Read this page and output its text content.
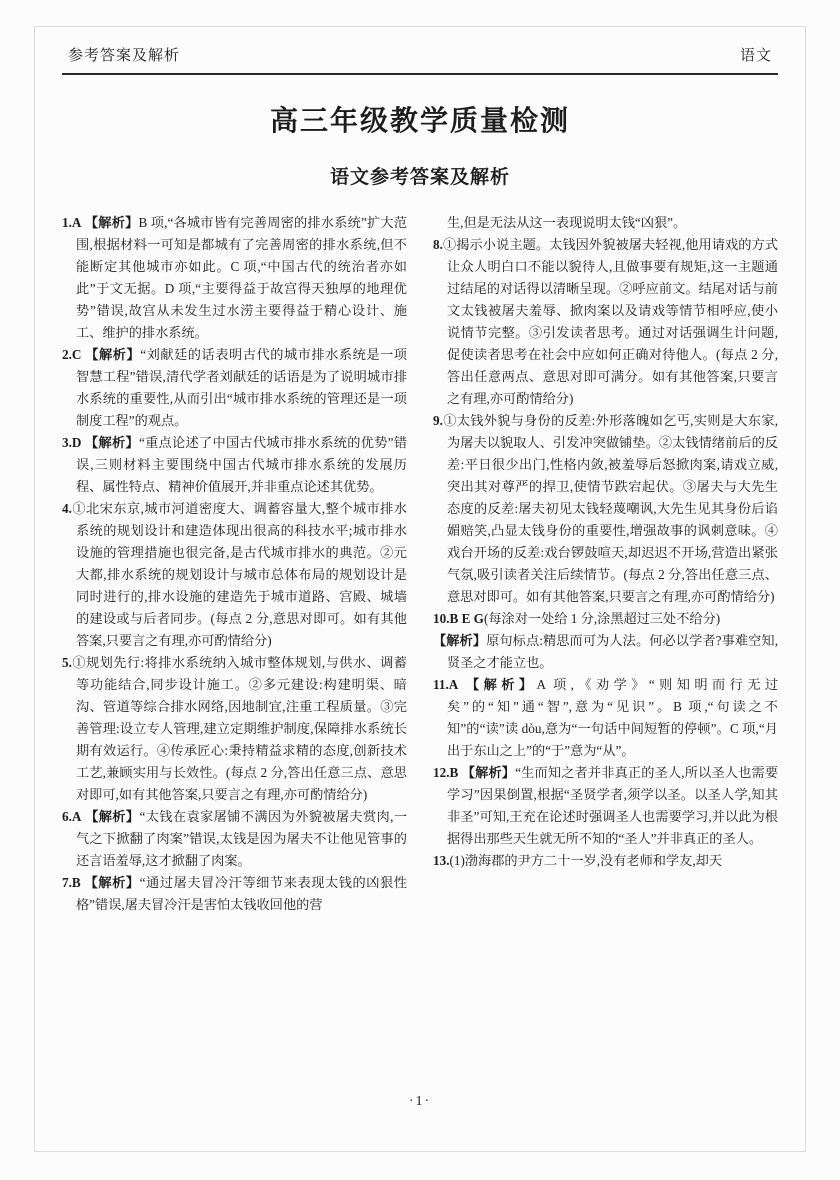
参考答案及解析	语文
高三年级教学质量检测
语文参考答案及解析

1.A 【解析】B 项,“各城市皆有完善周密的排水系统”扩大范围,根据材料一可知是都城有了完善周密的排水系统,但不能断定其他城市亦如此。C 项,“中国古代的统治者亦如此”于文无据。D 项,“主要得益于故宫得天独厚的地理优势”错误,故宫从未发生过水涝主要得益于精心设计、施工、维护的排水系统。

2.C 【解析】“刘献廷的话表明古代的城市排水系统是一项智慧工程”错误,清代学者刘献廷的话语是为了说明城市排水系统的重要性,从而引出“城市排水系统的管理还是一项制度工程”的观点。

3.D 【解析】“重点论述了中国古代城市排水系统的优势”错误,三则材料主要围绕中国古代城市排水系统的发展历程、属性特点、精神价值展开,并非重点论述其优势。

4.①北宋东京,城市河道密度大、调蓄容量大,整个城市排水系统的规划设计和建造体现出很高的科技水平;城市排水设施的管理措施也很完备,是古代城市排水的典范。②元大都,排水系统的规划设计与城市总体布局的规划设计是同时进行的,排水设施的建造先于城市道路、宫殿、城墙的建设或与后者同步。(每点 2 分,意思对即可。如有其他答案,只要言之有理,亦可酌情给分)

5.①规划先行:将排水系统纳入城市整体规划,与供水、调蓄等功能结合,同步设计施工。②多元建设:构建明渠、暗沟、管道等综合排水网络,因地制宜,注重工程质量。③完善管理:设立专人管理,建立定期维护制度,保障排水系统长期有效运行。④传承匠心:秉持精益求精的态度,创新技术工艺,兼顾实用与长效性。(每点 2 分,答出任意三点、意思对即可,如有其他答案,只要言之有理,亦可酌情给分)

6.A 【解析】“太钱在袁家屠铺不满因为外貌被屠夫赏肉,一气之下掀翻了肉案”错误,太钱是因为屠夫不让他见管事的还言语羞辱,这才掀翻了肉案。

7.B 【解析】“通过屠夫冒冷汗等细节来表现太钱的凶狠性格”错误,屠夫冒冷汗是害怕太钱收回他的营

生,但是无法从这一表现说明太钱“凶狠”。

8.①揭示小说主题。太钱因外貌被屠夫轻视,他用请戏的方式让众人明白口不能以貌待人,且做事要有规矩,这一主题通过结尾的对话得以清晰呈现。②呼应前文。结尾对话与前文太钱被屠夫羞辱、掀肉案以及请戏等情节相呼应,使小说情节完整。③引发读者思考。通过对话强调生计问题,促使读者思考在社会中应如何正确对待他人。(每点 2 分,答出任意两点、意思对即可满分。如有其他答案,只要言之有理,亦可酌情给分)

9.①太钱外貌与身份的反差:外形落魄如乞丐,实则是大东家,为屠夫以貌取人、引发冲突做铺垫。②太钱情绪前后的反差:平日很少出门,性格内敛,被羞辱后怒掀肉案,请戏立威,突出其对尊严的捍卫,使情节跌宕起伏。③屠夫与大先生态度的反差:屠夫初见太钱轻蔑嘲讽,大先生见其身份后谄媚赔笑,凸显太钱身份的重要性,增强故事的讽刺意味。④戏台开场的反差:戏台锣鼓喧天,却迟迟不开场,营造出紧张气氛,吸引读者关注后续情节。(每点 2 分,答出任意三点、意思对即可。如有其他答案,只要言之有理,亦可酌情给分)

10.B E G(每涂对一处给 1 分,涂黑超过三处不给分)

【解析】原句标点:精思而可为人法。何必以学者?事难空知,贤圣之才能立也。

11.A 【解析】A 项,《劝学》“则知明而行无过矣”的“知”通“智”,意为“见识”。B 项,“句读之不知”的“读”读 dòu,意为“一句话中间短暂的停顿”。C 项,“月出于东山之上”的“于”意为“从”。

12.B 【解析】“生而知之者并非真正的圣人,所以圣人也需要学习”因果倒置,根据“圣贤学者,须学以圣。以圣人学,知其非圣”可知,王充在论述时强调圣人也需要学习,并以此为根据得出那些天生就无所不知的“圣人”并非真正的圣人。

13.(1)渤海郡的尹方二十一岁,没有老师和学友,却天

·1·
